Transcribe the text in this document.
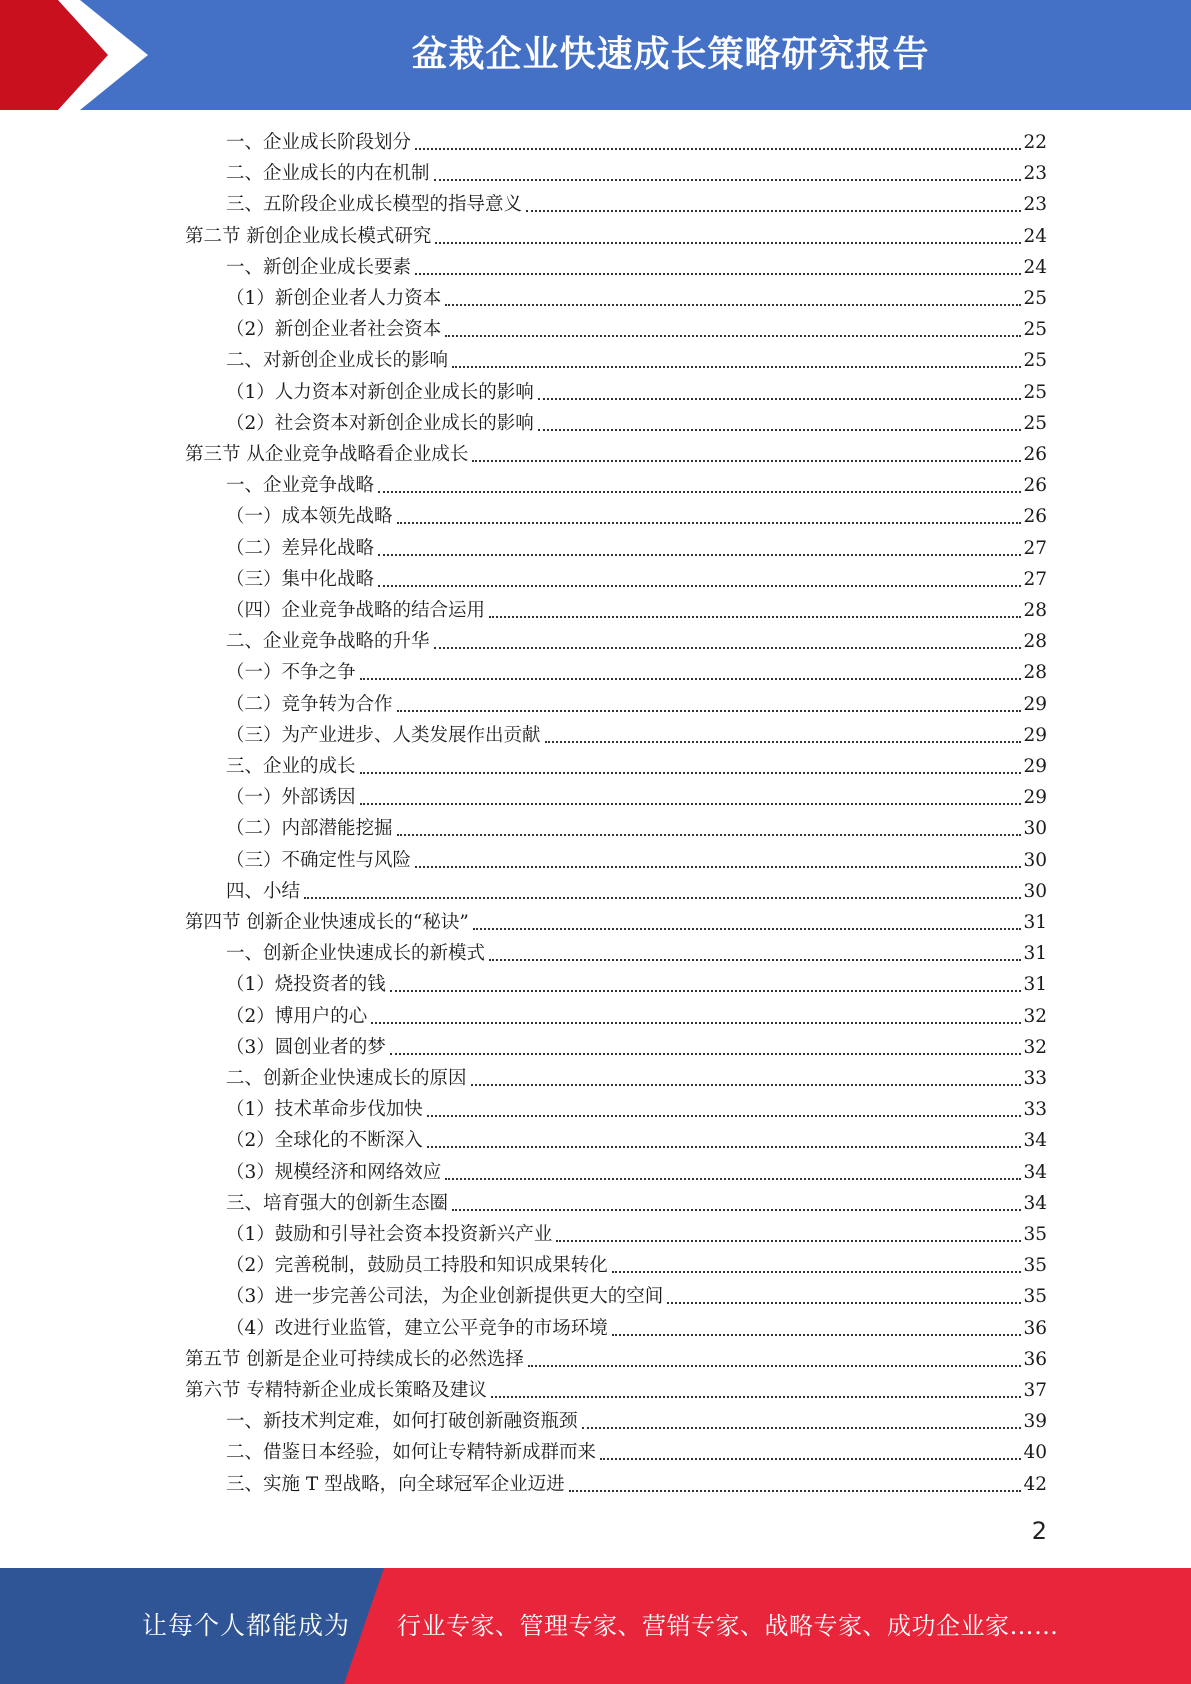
盆栽企业快速成长策略研究报告
一、企业成长阶段划分	22
二、企业成长的内在机制	23
三、五阶段企业成长模型的指导意义	23
第二节 新创企业成长模式研究	24
一、新创企业成长要素	24
（1）新创企业者人力资本	25
（2）新创企业者社会资本	25
二、对新创企业成长的影响	25
（1）人力资本对新创企业成长的影响	25
（2）社会资本对新创企业成长的影响	25
第三节 从企业竞争战略看企业成长	26
一、企业竞争战略	26
（一）成本领先战略	26
（二）差异化战略	27
（三）集中化战略	27
（四）企业竞争战略的结合运用	28
二、企业竞争战略的升华	28
（一）不争之争	28
（二）竞争转为合作	29
（三）为产业进步、人类发展作出贡献	29
三、企业的成长	29
（一）外部诱因	29
（二）内部潜能挖掘	30
（三）不确定性与风险	30
四、小结	30
第四节 创新企业快速成长的“秘诀”	31
一、创新企业快速成长的新模式	31
（1）烧投资者的钱	31
（2）博用户的心	32
（3）圆创业者的梦	32
二、创新企业快速成长的原因	33
（1）技术革命步伐加快	33
（2）全球化的不断深入	34
（3）规模经济和网络效应	34
三、培育强大的创新生态圈	34
（1）鼓励和引导社会资本投资新兴产业	35
（2）完善税制，鼓励员工持股和知识成果转化	35
（3）进一步完善公司法，为企业创新提供更大的空间	35
（4）改进行业监管，建立公平竞争的市场环境	36
第五节 创新是企业可持续成长的必然选择	36
第六节 专精特新企业成长策略及建议	37
一、新技术判定难，如何打破创新融资瓶颈	39
二、借鉴日本经验，如何让专精特新成群而来	40
三、实施 T 型战略，向全球冠军企业迈进	42
2
让每个人都能成为 行业专家、管理专家、营销专家、战略专家、成功企业家……
